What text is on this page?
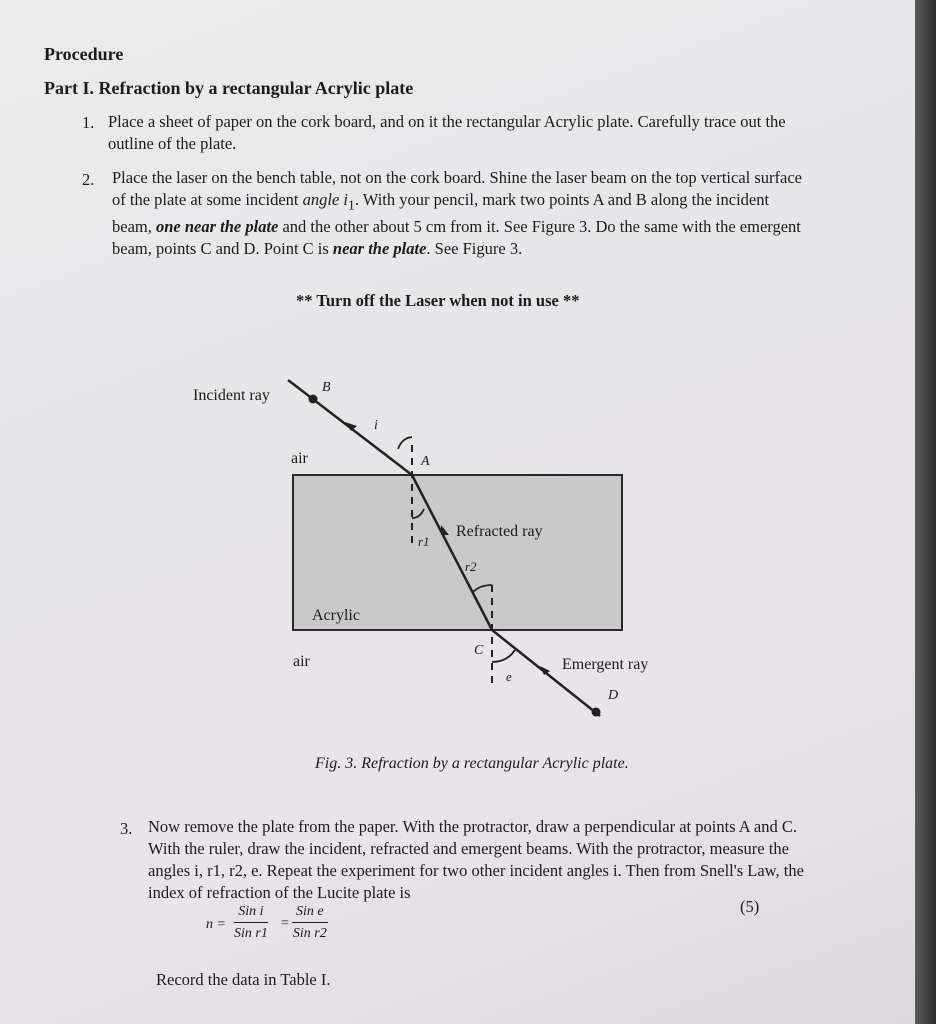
Procedure
Part I. Refraction by a rectangular Acrylic plate
1. Place a sheet of paper on the cork board, and on it the rectangular Acrylic plate. Carefully trace out the outline of the plate.
2. Place the laser on the bench table, not on the cork board. Shine the laser beam on the top vertical surface of the plate at some incident angle $i_1$. With your pencil, mark two points A and B along the incident beam, one near the plate and the other about 5 cm from it. See Figure 3. Do the same with the emergent beam, points C and D. Point C is near the plate. See Figure 3.
** Turn off the Laser when not in use **
Incident ray	B
i
air	A
r1
Refracted ray
r2
Acrylic
air
C
e
Emergent ray
D
Fig. 3. Refraction by a rectangular Acrylic plate.
3. Now remove the plate from the paper. With the protractor, draw a perpendicular at points A and C. With the ruler, draw the incident, refracted and emergent beams. With the protractor, measure the angles i, r1, r2, e. Repeat the experiment for two other incident angles i. Then from Snell's Law, the index of refraction of the Lucite plate is
n =
Sin i
Sin r1
=
Sin e
Sin r2
(5)
Record the data in Table I.
